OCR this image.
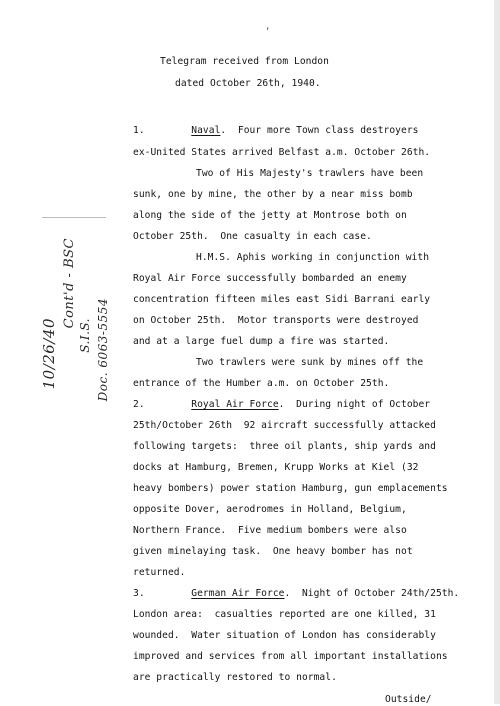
,
Telegram received from London
dated October 26th, 1940.
1.	Naval.  Four more Town class destroyers
ex-United States arrived Belfast a.m. October 26th.
Two of His Majesty's trawlers have been
sunk, one by mine, the other by a near miss bomb
along the side of the jetty at Montrose both on
October 25th.  One casualty in each case.
H.M.S. Aphis working in conjunction with
Royal Air Force successfully bombarded an enemy
concentration fifteen miles east Sidi Barrani early
on October 25th.  Motor transports were destroyed
and at a large fuel dump a fire was started.
Two trawlers were sunk by mines off the
entrance of the Humber a.m. on October 25th.
2.	Royal Air Force.  During night of October
25th/October 26th  92 aircraft successfully attacked
following targets:  three oil plants, ship yards and
docks at Hamburg, Bremen, Krupp Works at Kiel (32
heavy bombers) power station Hamburg, gun emplacements
opposite Dover, aerodromes in Holland, Belgium,
Northern France.  Five medium bombers were also
given minelaying task.  One heavy bomber has not
returned.
3.	German Air Force.  Night of October 24th/25th.
London area:  casualties reported are one killed, 31
wounded.  Water situation of London has considerably
improved and services from all important installations
are practically restored to normal.
Outside/
10/26/40
Cont'd - BSC
S.I.S. Doc. 6063-5554
